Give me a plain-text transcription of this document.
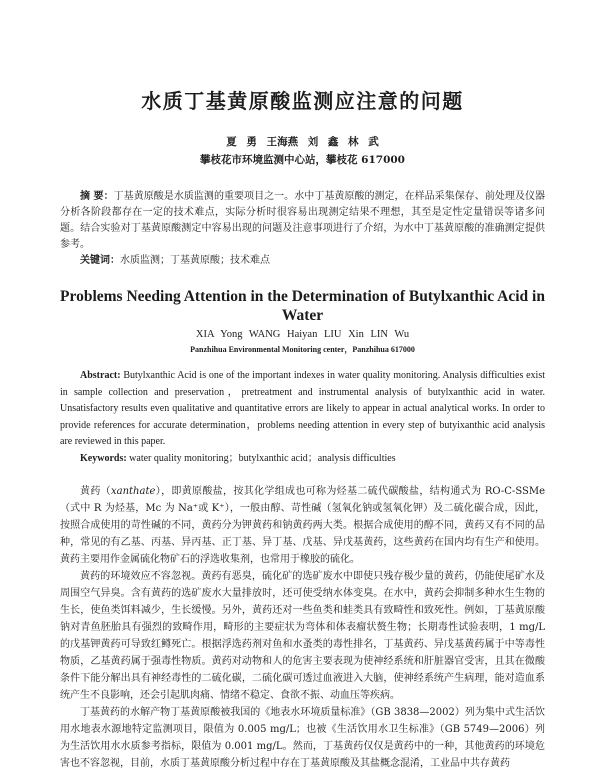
水质丁基黄原酸监测应注意的问题
夏 勇 王海燕 刘 鑫 林 武
攀枝花市环境监测中心站，攀枝花 617000
摘 要：丁基黄原酸是水质监测的重要项目之一。水中丁基黄原酸的测定，在样品采集保存、前处理及仪器分析各阶段都存在一定的技术难点，实际分析时很容易出现测定结果不理想，其至是定性定量错误等诸多问题。结合实验对丁基黄原酸测定中容易出现的问题及注意事项进行了介绍，为水中丁基黄原酸的准确测定提供参考。
关键词：水质监测；丁基黄原酸；技术难点
Problems Needing Attention in the Determination of Butylxanthic Acid in Water
XIA Yong WANG Haiyan LIU Xin LIN Wu
Panzhihua Environmental Monitoring center，Panzhihua 617000
Abstract: Butylxanthic Acid is one of the important indexes in water quality monitoring. Analysis difficulties exist in sample collection and preservation，pretreatment and instrumental analysis of butylxanthic acid in water. Unsatisfactory results even qualitative and quantitative errors are likely to appear in actual analytical works. In order to provide references for accurate determination，problems needing attention in every step of butyixanthic acid analysis are reviewed in this paper.
Keywords: water quality monitoring；butylxanthic acid；analysis difficulties

黄药（xanthate），即黄原酸盐，按其化学组成也可称为烃基二硫代碳酸盐，结构通式为 RO-C-SSMe（式中 R 为烃基，Mc 为 Na⁺或 K⁺），一般由醇、苛性碱（氢氧化钠或氢氧化钾）及二硫化碳合成，因此，按照合成使用的苛性碱的不同，黄药分为钾黄药和钠黄药两大类。根据合成使用的醇不同，黄药又有不同的品种，常见的有乙基、丙基、异丙基、正丁基、异丁基、戊基、异戊基黄药，这些黄药在国内均有生产和使用。黄药主要用作金属硫化物矿石的浮选收集剂，也常用于橡胶的硫化。

黄药的环境效应不容忽视。黄药有恶臭，硫化矿的选矿废水中即使只残存极少量的黄药，仍能使尾矿水及周围空气异臭。含有黄药的选矿废水大量排放时，还可使受纳水体变臭。在水中，黄药会抑制多种水生生物的生长，使鱼类饵料减少，生长缓慢。另外，黄药还对一些鱼类和蛙类具有致畸性和致死性。例如，丁基黄原酸钠对青鱼胚胎具有强烈的致畸作用，畸形的主要症状为弯体和体表瘤状赘生物；长期毒性试验表明，1 mg/L 的戊基钾黄药可导致红鳟死亡。根据浮选药剂对鱼和水蚤类的毒性排名，丁基黄药、异戊基黄药属于中等毒性物质，乙基黄药属于强毒性物质。黄药对动物和人的危害主要表现为使神经系统和肝脏器官受害，且其在微酸条件下能分解出具有神经毒性的二硫化碳，二硫化碳可透过血液进入大脑，使神经系统产生病理，能对造血系统产生不良影响，还会引起肌肉痛、情绪不稳定、食欲不振、动血压等疾病。

丁基黄药的水解产物丁基黄原酸被我国的《地表水环境质量标准》（GB 3838—2002）列为集中式生活饮用水地表水源地特定监测项目，限值为 0.005 mg/L；也被《生活饮用水卫生标准》（GB 5749—2006）列为生活饮用水水质参考指标，限值为 0.001 mg/L。然而，丁基黄药仅仅是黄药中的一种，其他黄药的环境危害也不容忽视，目前，水质丁基黄原酸分析过程中存在丁基黄原酸及其盐概念混淆，工业品中共存黄药
